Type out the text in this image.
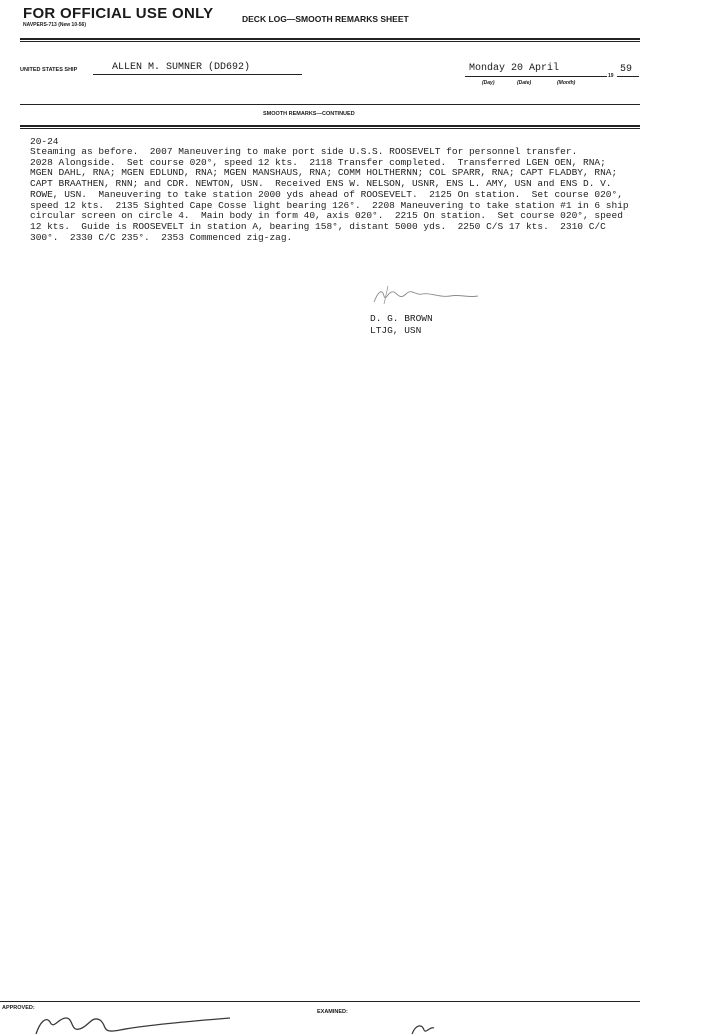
FOR OFFICIAL USE ONLY
NAVPERS-713 (New 10-56)
DECK LOG—SMOOTH REMARKS SHEET
UNITED STATES SHIP	ALLEN M. SUMNER (DD692)	Monday 20 April
19
59
(Day)	(Date)	(Month)
SMOOTH REMARKS—CONTINUED
20-24
Steaming as before.  2007 Maneuvering to make port side U.S.S. ROOSEVELT for personnel transfer.
2028 Alongside.  Set course 020°, speed 12 kts.  2118 Transfer completed.  Transferred LGEN OEN, RNA;
MGEN DAHL, RNA; MGEN EDLUND, RNA; MGEN MANSHAUS, RNA; COMM HOLTHERNN; COL SPARR, RNA; CAPT FLADBY, RNA;
CAPT BRAATHEN, RNN; and CDR. NEWTON, USN.  Received ENS W. NELSON, USNR, ENS L. AMY, USN and ENS D. V.
ROWE, USN.  Maneuvering to take station 2000 yds ahead of ROOSEVELT.  2125 On station.  Set course 020°,
speed 12 kts.  2135 Sighted Cape Cosse light bearing 126°.  2208 Maneuvering to take station #1 in 6 ship
circular screen on circle 4.  Main body in form 40, axis 020°.  2215 On station.  Set course 020°, speed
12 kts.  Guide is ROOSEVELT in station A, bearing 158°, distant 5000 yds.  2250 C/S 17 kts.  2310 C/C
300°.  2330 C/C 235°.  2353 Commenced zig-zag.
D. G. BROWN
LTJG, USN
APPROVED:
EXAMINED:
